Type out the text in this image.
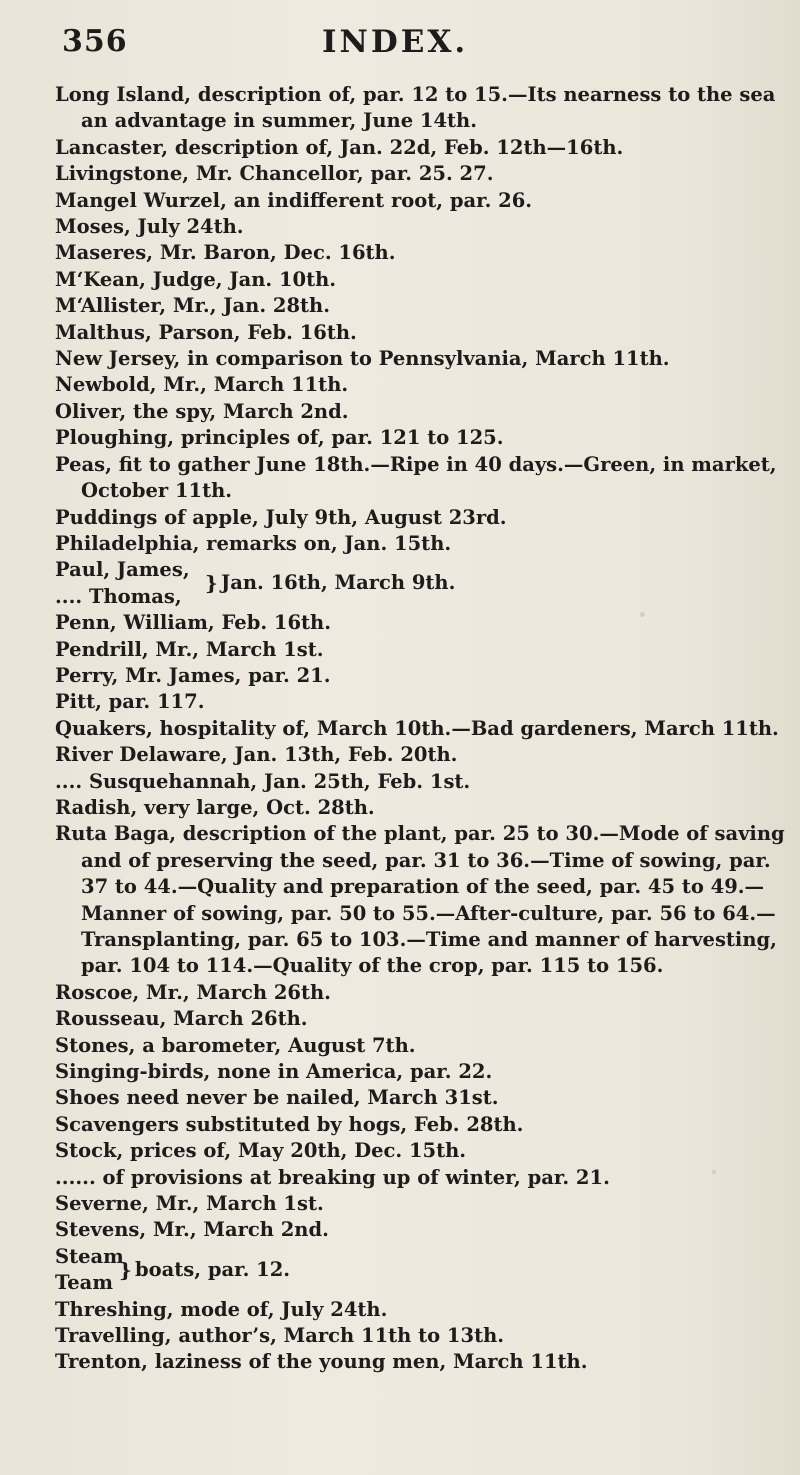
356	INDEX.
Long Island, description of, par. 12 to 15.—Its nearness to the sea an advantage in summer, June 14th.
Lancaster, description of, Jan. 22d, Feb. 12th—16th.
Livingstone, Mr. Chancellor, par. 25. 27.
Mangel Wurzel, an indifferent root, par. 26.
Moses, July 24th.
Maseres, Mr. Baron, Dec. 16th.
M‘Kean, Judge, Jan. 10th.
M‘Allister, Mr., Jan. 28th.
Malthus, Parson, Feb. 16th.
New Jersey, in comparison to Pennsylvania, March 11th.
Newbold, Mr., March 11th.
Oliver, the spy, March 2nd.
Ploughing, principles of, par. 121 to 125.
Peas, fit to gather June 18th.—Ripe in 40 days.—Green, in market, October 11th.
Puddings of apple, July 9th, August 23rd.
Philadelphia, remarks on, Jan. 15th.
Paul, James,
.... Thomas,
} Jan. 16th, March 9th.
Penn, William, Feb. 16th.
Pendrill, Mr., March 1st.
Perry, Mr. James, par. 21.
Pitt, par. 117.
Quakers, hospitality of, March 10th.—Bad gardeners, March 11th.
River Delaware, Jan. 13th, Feb. 20th.
.... Susquehannah, Jan. 25th, Feb. 1st.
Radish, very large, Oct. 28th.
Ruta Baga, description of the plant, par. 25 to 30.—Mode of saving and of preserving the seed, par. 31 to 36.—Time of sowing, par. 37 to 44.—Quality and preparation of the seed, par. 45 to 49.—Manner of sowing, par. 50 to 55.—After-culture, par. 56 to 64.—Transplanting, par. 65 to 103.—Time and manner of harvesting, par. 104 to 114.—Quality of the crop, par. 115 to 156.
Roscoe, Mr., March 26th.
Rousseau, March 26th.
Stones, a barometer, August 7th.
Singing-birds, none in America, par. 22.
Shoes need never be nailed, March 31st.
Scavengers substituted by hogs, Feb. 28th.
Stock, prices of, May 20th, Dec. 15th.
...... of provisions at breaking up of winter, par. 21.
Severne, Mr., March 1st.
Stevens, Mr., March 2nd.
Steam
Team
} boats, par. 12.
Threshing, mode of, July 24th.
Travelling, author’s, March 11th to 13th.
Trenton, laziness of the young men, March 11th.
